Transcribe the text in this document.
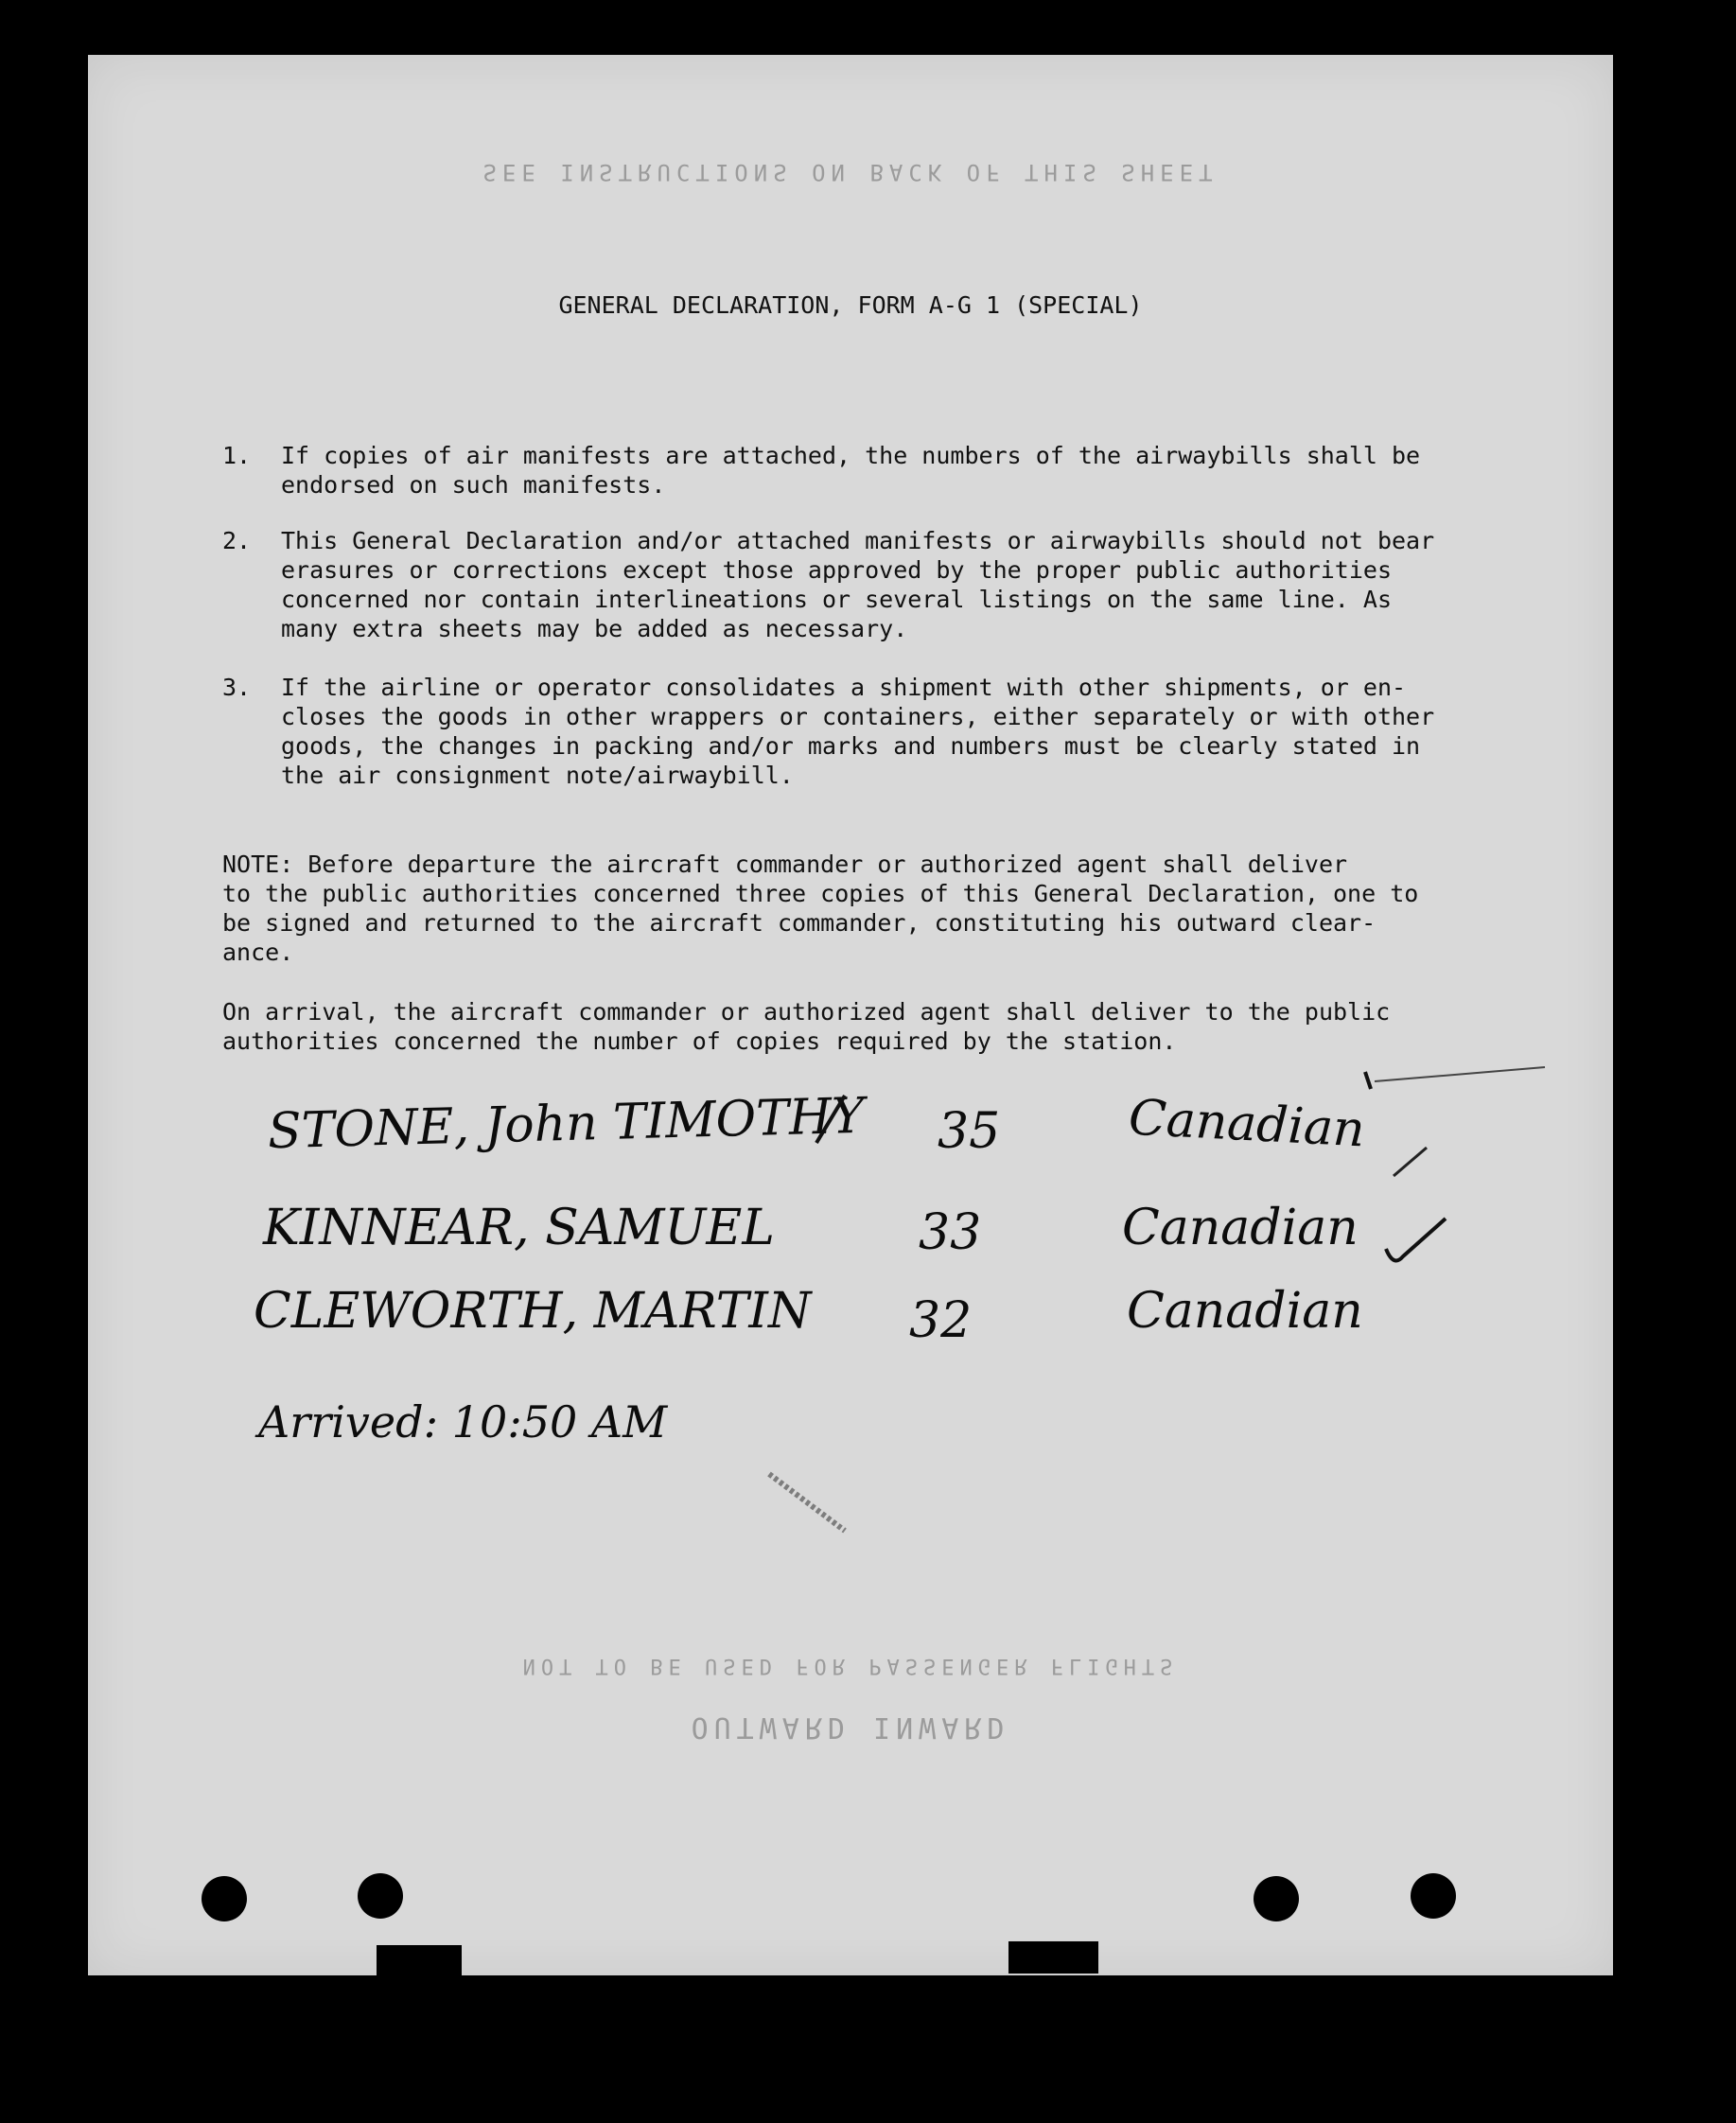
SEE INSTRUCTIONS ON BACK OF THIS SHEET
GENERAL DECLARATION, FORM A-G 1 (SPECIAL)
1. If copies of air manifests are attached, the numbers of the airwaybills shall be
endorsed on such manifests.
2. This General Declaration and/or attached manifests or airwaybills should not bear
erasures or corrections except those approved by the proper public authorities
concerned nor contain interlineations or several listings on the same line. As
many extra sheets may be added as necessary.
3. If the airline or operator consolidates a shipment with other shipments, or en-
closes the goods in other wrappers or containers, either separately or with other
goods, the changes in packing and/or marks and numbers must be clearly stated in
the air consignment note/airwaybill.
NOTE: Before departure the aircraft commander or authorized agent shall deliver
to the public authorities concerned three copies of this General Declaration, one to
be signed and returned to the aircraft commander, constituting his outward clear-
ance.
On arrival, the aircraft commander or authorized agent shall deliver to the public
authorities concerned the number of copies required by the station.
STONE, John TIMOTHY 35	Canadian
KINNEAR, SAMUEL	33	Canadian
CLEWORTH, MARTIN 32	Canadian
Arrived: 10:50 AM
NOT TO BE USED FOR PASSENGER FLIGHTS
OUTWARD INWARD
